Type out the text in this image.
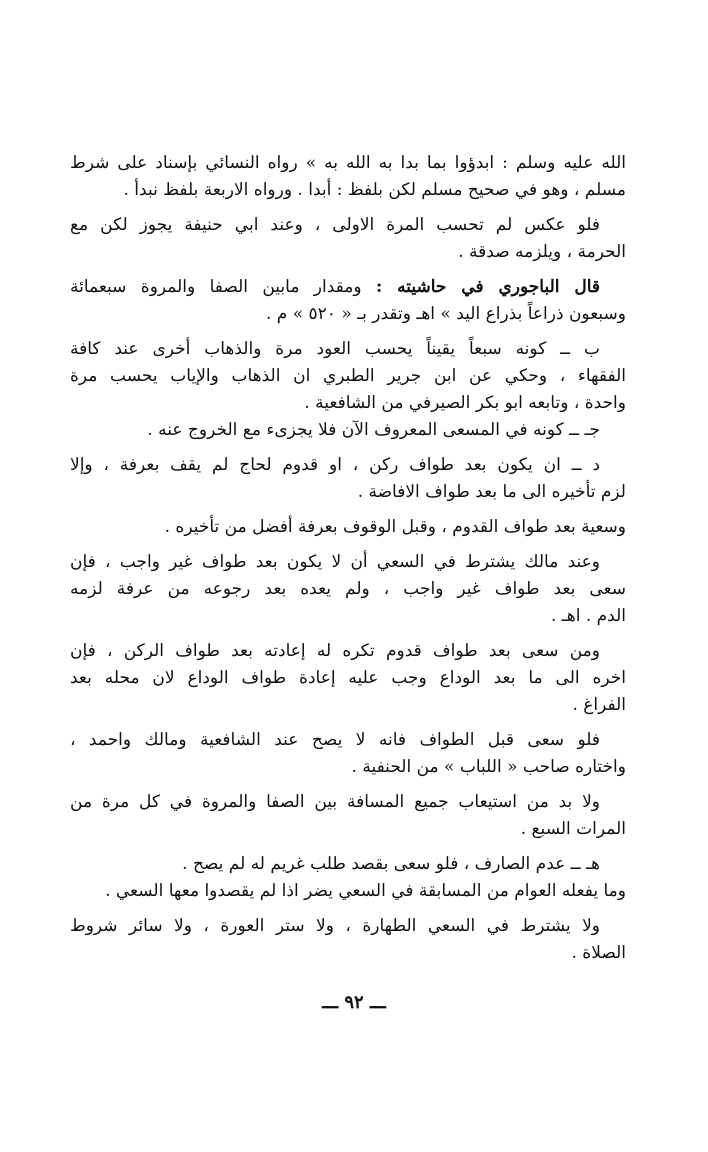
الله عليه وسلم : ابدؤوا بما بدا به الله به » رواه النسائي بإسناد على شرط
مسلم ، وهو في صحيح مسلم لكن بلفظ : أبدا . ورواه الاربعة بلفظ نبدأ .
فلو عكس لم تحسب المرة الاولى ، وعند ابي حنيفة يجوز لكن مع
الحرمة ، ويلزمه صدقة .
قال الباجوري في حاشيته : ومقدار مابين الصفا والمروة سبعمائة
وسبعون ذراعاً بذراع اليد » اهـ وتقدر بـ « ٥٢٠ » م .
ب ــ كونه سبعاً يقيناً يحسب العود مرة والذهاب أخرى عند كافة
الفقهاء ، وحكي عن ابن جرير الطبري ان الذهاب والإياب يحسب مرة
واحدة ، وتابعه ابو بكر الصيرفي من الشافعية .
جـ ــ كونه في المسعى المعروف الآن فلا يجزىء مع الخروج عنه .
د ــ ان يكون بعد طواف ركن ، او قدوم لحاج لم يقف بعرفة ، وإلا
لزم تأخيره الى ما بعد طواف الافاضة .
وسعية بعد طواف القدوم ، وقبل الوقوف بعرفة أفضل من تأخيره .
وعند مالك يشترط في السعي أن لا يكون بعد طواف غير واجب ، فإن
سعى بعد طواف غير واجب ، ولم يعده بعد رجوعه من عرفة لزمه
الدم . اهـ .
ومن سعى بعد طواف قدوم تكره له إعادته بعد طواف الركن ، فإن
اخره الى ما بعد الوداع وجب عليه إعادة طواف الوداع لان محله بعد
الفراغ .
فلو سعى قبل الطواف فانه لا يصح عند الشافعية ومالك واحمد ،
واختاره صاحب « اللباب » من الحنفية .
ولا بد من استيعاب جميع المسافة بين الصفا والمروة في كل مرة من
المرات السبع .
هـ ــ عدم الصارف ، فلو سعى بقصد طلب غريم له لم يصح .
وما يفعله العوام من المسابقة في السعي يضر اذا لم يقصدوا معها السعي .
ولا يشترط في السعي الطهارة ، ولا ستر العورة ، ولا سائر شروط
الصلاة .
ـــ ٩٢ ـــ
